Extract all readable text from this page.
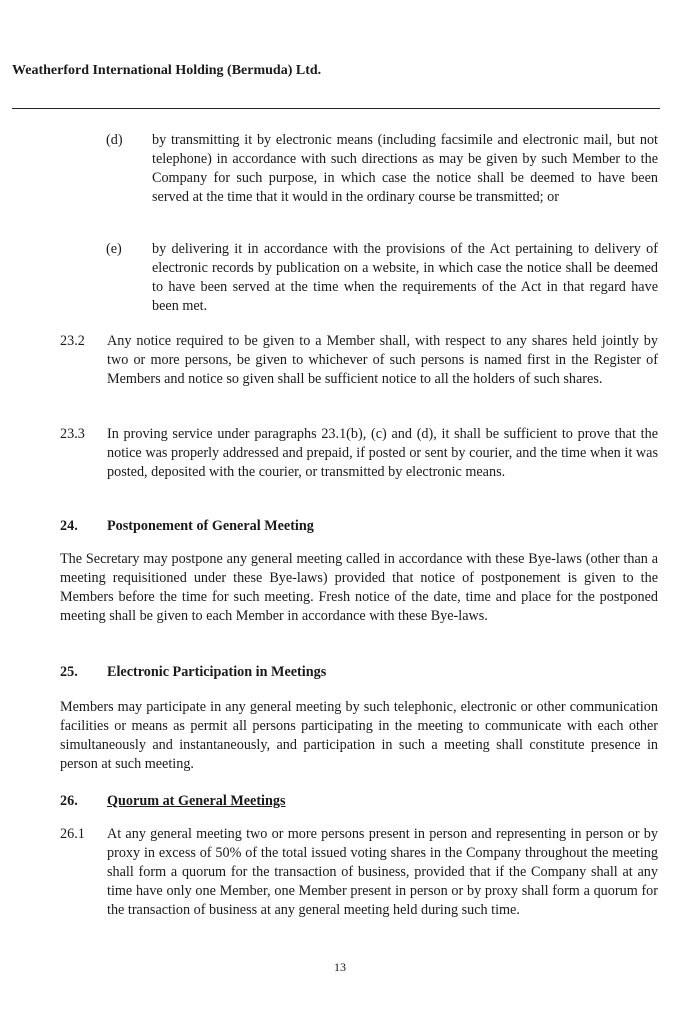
Weatherford International Holding (Bermuda) Ltd.
(d) by transmitting it by electronic means (including facsimile and electronic mail, but not telephone) in accordance with such directions as may be given by such Member to the Company for such purpose, in which case the notice shall be deemed to have been served at the time that it would in the ordinary course be transmitted; or

(e) by delivering it in accordance with the provisions of the Act pertaining to delivery of electronic records by publication on a website, in which case the notice shall be deemed to have been served at the time when the requirements of the Act in that regard have been met.

23.2 Any notice required to be given to a Member shall, with respect to any shares held jointly by two or more persons, be given to whichever of such persons is named first in the Register of Members and notice so given shall be sufficient notice to all the holders of such shares.

23.3 In proving service under paragraphs 23.1(b), (c) and (d), it shall be sufficient to prove that the notice was properly addressed and prepaid, if posted or sent by courier, and the time when it was posted, deposited with the courier, or transmitted by electronic means.

24. Postponement of General Meeting

The Secretary may postpone any general meeting called in accordance with these Bye-laws (other than a meeting requisitioned under these Bye-laws) provided that notice of postponement is given to the Members before the time for such meeting. Fresh notice of the date, time and place for the postponed meeting shall be given to each Member in accordance with these Bye-laws.

25. Electronic Participation in Meetings

Members may participate in any general meeting by such telephonic, electronic or other communication facilities or means as permit all persons participating in the meeting to communicate with each other simultaneously and instantaneously, and participation in such a meeting shall constitute presence in person at such meeting.

26. Quorum at General Meetings
26.1 At any general meeting two or more persons present in person and representing in person or by proxy in excess of 50% of the total issued voting shares in the Company throughout the meeting shall form a quorum for the transaction of business, provided that if the Company shall at any time have only one Member, one Member present in person or by proxy shall form a quorum for the transaction of business at any general meeting held during such time.

13
